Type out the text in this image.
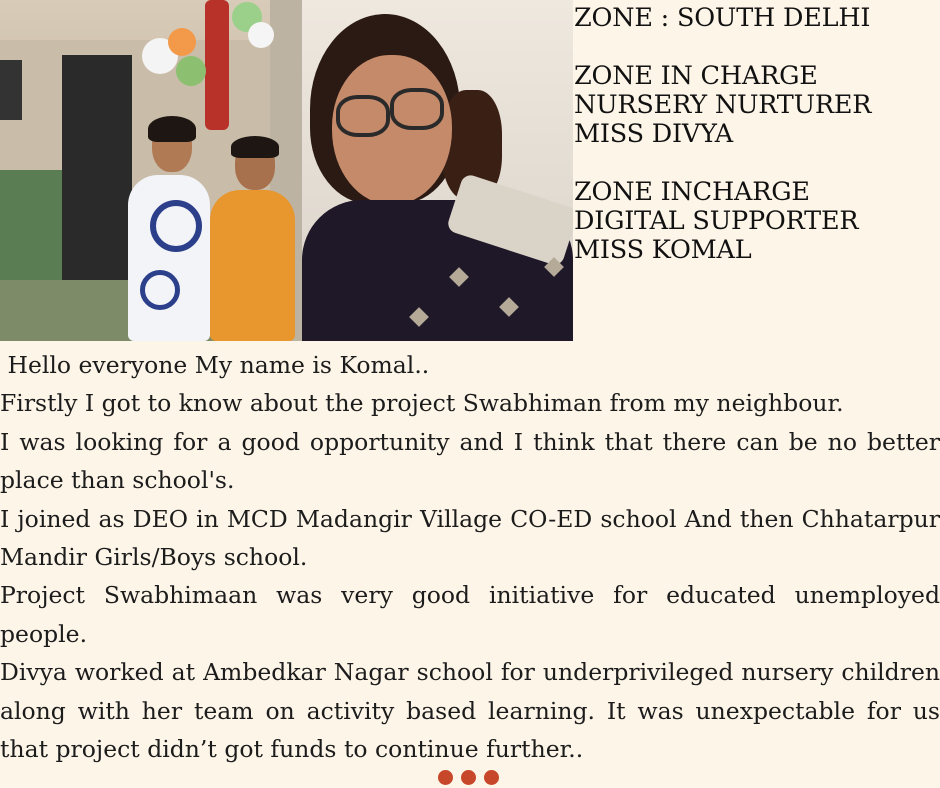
ZONE : SOUTH DELHI
ZONE IN CHARGE
NURSERY NURTURER
MISS DIVYA
ZONE INCHARGE
DIGITAL SUPPORTER
MISS KOMAL

Hello everyone My name is Komal..

Firstly I got to know about the project Swabhiman from my neighbour.

I was looking for a good opportunity and I think that there can be no better place than school's.

I joined as DEO in MCD Madangir Village CO-ED school And then Chhatarpur Mandir Girls/Boys school.

Project Swabhimaan was very good initiative for educated unemployed people.

Divya worked at Ambedkar Nagar school for underprivileged nursery children along with her team on activity based learning. It was unexpectable for us that project didn’t got funds to continue further..
